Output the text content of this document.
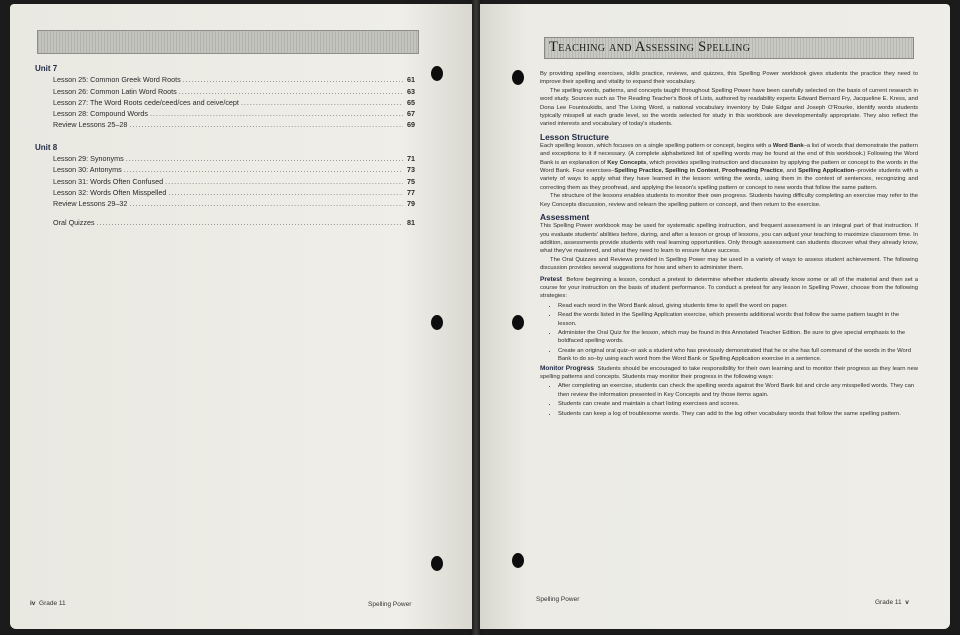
Unit 7
Lesson 25: Common Greek Word Roots .....	61
Lesson 26: Common Latin Word Roots .....	63
Lesson 27: The Word Roots cede/ceed/ces and ceive/cept .....	65
Lesson 28: Compound Words .....	67
Review Lessons 25–28 .....	69
Unit 8
Lesson 29: Synonyms .....	71
Lesson 30: Antonyms .....	73
Lesson 31: Words Often Confused .....	75
Lesson 32: Words Often Misspelled .....	77
Review Lessons 29–32 .....	79
Oral Quizzes .....	81
iv Grade 11	Spelling Power
Teaching and Assessing Spelling

By providing spelling exercises, skills practice, reviews, and quizzes, this Spelling Power workbook gives students the practice they need to improve their spelling and vitality to expand their vocabulary.

The spelling words, patterns, and concepts taught throughout Spelling Power have been carefully selected on the basis of current research in word study. Sources such as The Reading Teacher's Book of Lists, authored by readability experts Edward Bernard Fry, Jacqueline E. Kress, and Dona Lee Fountoukidis, and The Living Word, a national vocabulary inventory by Dale Edgar and Joseph O'Rourke, identify words students typically misspell at each grade level, so the words selected for study in this workbook are developmentally appropriate. They also reflect the varied interests and vocabulary of today's students.

Lesson Structure

Each spelling lesson, which focuses on a single spelling pattern or concept, begins with a Word Bank–a list of words that demonstrate the pattern and exceptions to it if necessary. (A complete alphabetized list of spelling words may be found at the end of this workbook.) Following the Word Bank is an explanation of Key Concepts, which provides spelling instruction and discussion by applying the pattern or concept to the words in the Word Bank. Four exercises–Spelling Practice, Spelling in Context, Proofreading Practice, and Spelling Application–provide students with a variety of ways to apply what they have learned in the lesson: writing the words, using them in the context of sentences, recognizing and correcting them as they proofread, and applying the lesson's spelling pattern or concept to new words that follow the same pattern.

The structure of the lessons enables students to monitor their own progress. Students having difficulty completing an exercise may refer to the Key Concepts discussion, review and relearn the spelling pattern or concept, and then return to the exercise.

Assessment

This Spelling Power workbook may be used for systematic spelling instruction, and frequent assessment is an integral part of that instruction. If you evaluate students' abilities before, during, and after a lesson or group of lessons, you can adjust your teaching to maximize classroom time. In addition, assessments provide students with real learning opportunities. Only through assessment can students discover what they already know, what they've mastered, and what they need to learn to ensure future success.

The Oral Quizzes and Reviews provided in Spelling Power may be used in a variety of ways to assess student achievement. The following discussion provides several suggestions for how and when to administer them.

Pretest Before beginning a lesson, conduct a pretest to determine whether students already know some or all of the material and then set a course for your instruction on the basis of student performance. To conduct a pretest for any lesson in Spelling Power, choose from the following strategies:

• Read each word in the Word Bank aloud, giving students time to spell the word on paper.
• Read the words listed in the Spelling Application exercise, which presents additional words that follow the same pattern taught in the lesson.
• Administer the Oral Quiz for the lesson, which may be found in this Annotated Teacher Edition. Be sure to give special emphasis to the boldfaced spelling words.
• Create an original oral quiz–or ask a student who has previously demonstrated that he or she has full command of the words in the Word Bank to do so–by using each word from the Word Bank or Spelling Application exercise in a sentence.

Monitor Progress Students should be encouraged to take responsibility for their own learning and to monitor their progress as they learn new spelling patterns and concepts. Students may monitor their progress in the following ways:

• After completing an exercise, students can check the spelling words against the Word Bank list and circle any misspelled words. They can then review the information presented in Key Concepts and try those items again.
• Students can create and maintain a chart listing exercises and scores.
• Students can keep a log of troublesome words. They can add to the log other vocabulary words that follow the same spelling pattern.
Spelling Power	Grade 11 v
